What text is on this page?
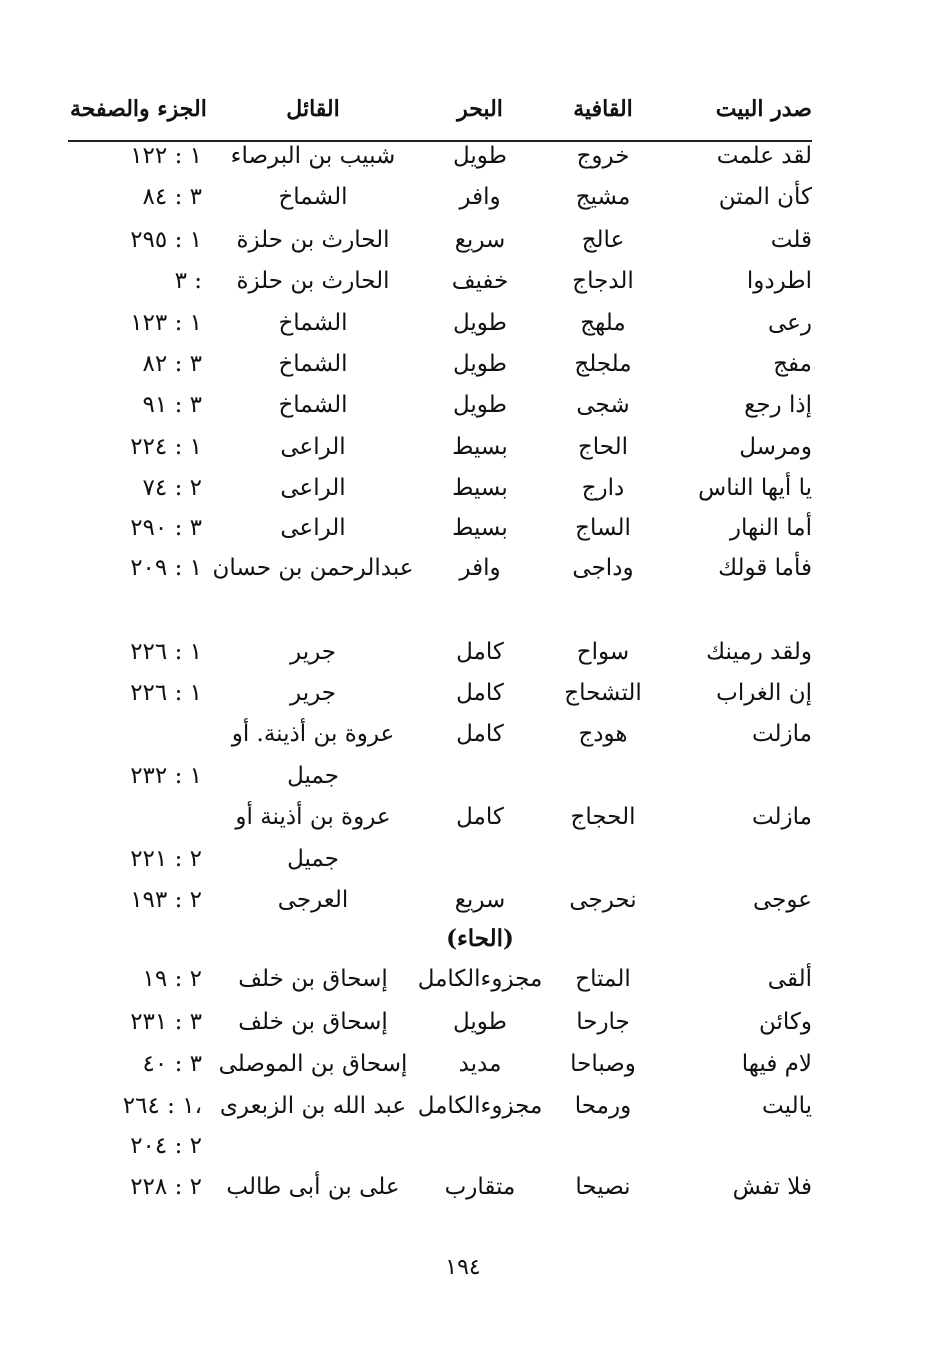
صدر البيت
القافية
البحر
القائل
الجزء والصفحة
لقد علمت
خروج
طويل
شبيب بن البرصاء
١ : ١٢٢
كأن المتن
مشيج
وافر
الشماخ
٣ : ٨٤
قلت
عالج
سريع
الحارث بن حلزة
١ : ٢٩٥
اطردوا
الدجاج
خفيف
الحارث بن حلزة
٣ :
رعى
ملهج
طويل
الشماخ
١ : ١٢٣
مفج
ملجلج
طويل
الشماخ
٣ : ٨٢
إذا رجع
شجى
طويل
الشماخ
٣ : ٩١
ومرسل
الحاج
بسيط
الراعى
١ : ٢٢٤
يا أيها الناس
دارج
بسيط
الراعى
٢ : ٧٤
أما النهار
الساج
بسيط
الراعى
٣ : ٢٩٠
فأما قولك
وداجى
وافر
عبدالرحمن بن حسان
١ : ٢٠٩
ولقد رمينك
سواح
كامل
جرير
١ : ٢٢٦
إن الغراب
التشحاج
كامل
جرير
١ : ٢٢٦
مازلت
هودج
كامل
عروة بن أذينة. أو
جميل
١ : ٢٣٢
مازلت
الحجاج
كامل
عروة بن أذينة أو
جميل
٢ : ٢٢١
عوجى
نحرجى
سريع
العرجى
٢ : ١٩٣
ألقى
المتاح
مجزوءالكامل
إسحاق بن خلف
٢ : ١٩
وكائن
جارحا
طويل
إسحاق بن خلف
٣ : ٢٣١
لام فيها
وصباحا
مديد
إسحاق بن الموصلى
٣ : ٤٠
ياليت
ورمحا
مجزوءالكامل
عبد الله بن الزبعرى
١ : ٢٦٤،
٢ : ٢٠٤
فلا تفش
نصيحا
متقارب
على بن أبى طالب
٢ : ٢٢٨
(الحاء)
١٩٤
